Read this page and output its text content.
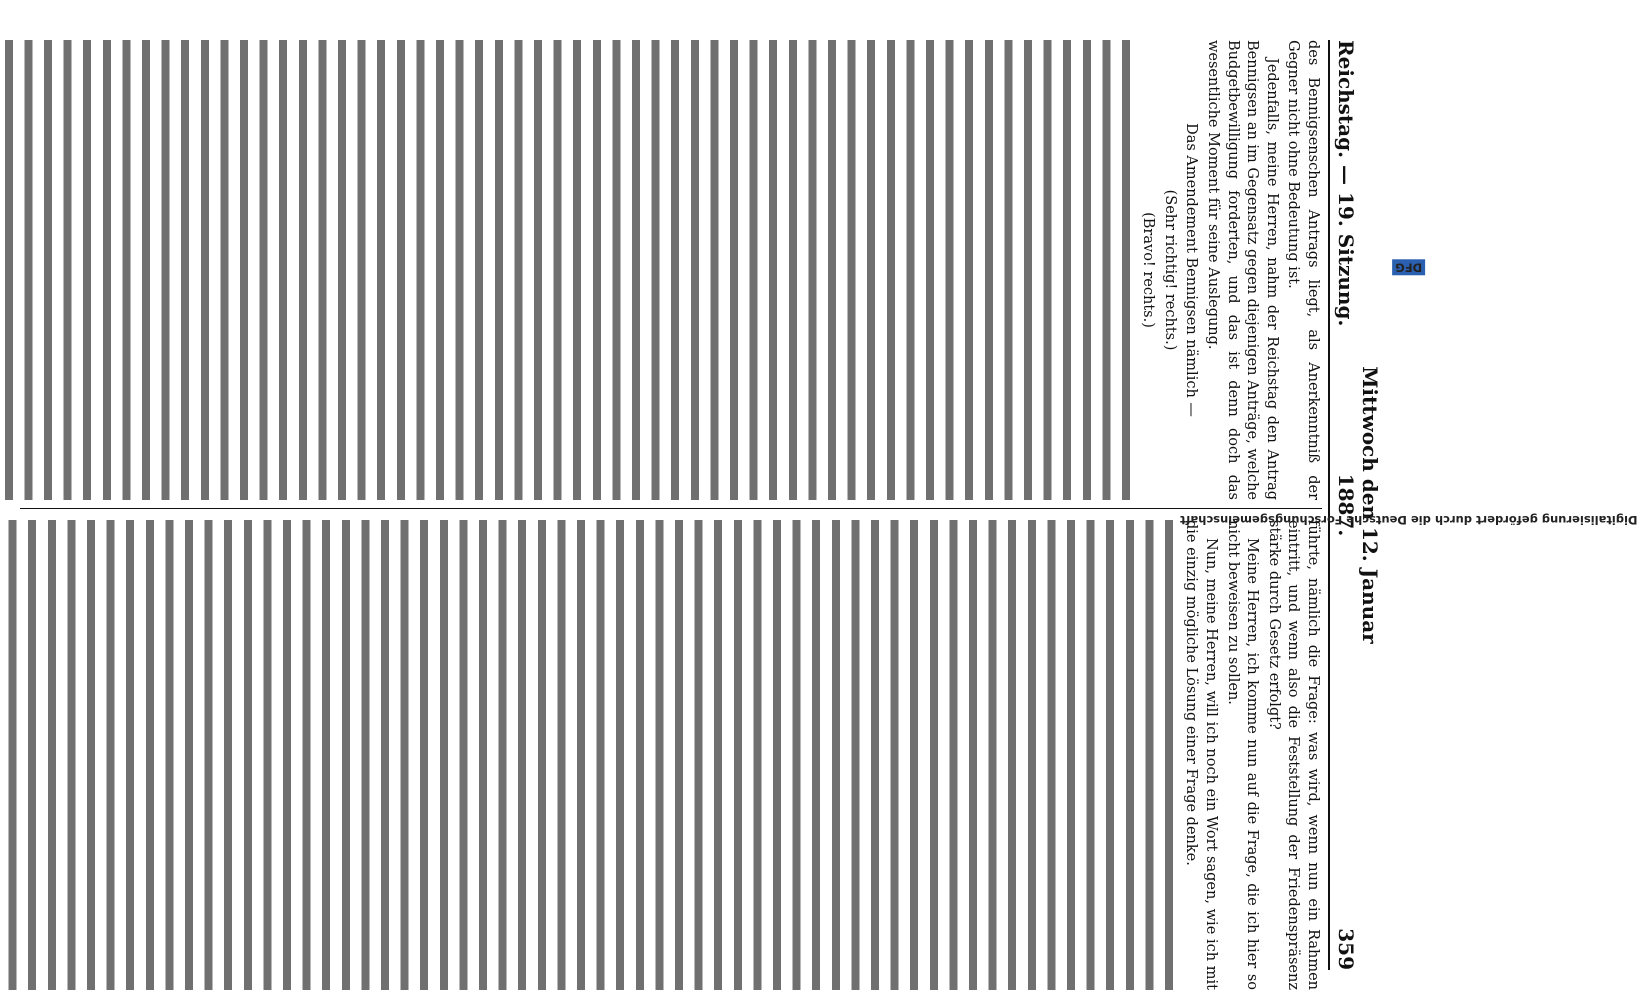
Reichstag. — 19. Sitzung.
Mittwoch den 12. Januar 1887.
359

des Bennigsenschen Antrags liegt, als Anerkenntniß der Gegner nicht ohne Bedeutung ist.

Jedenfalls, meine Herren, nahm der Reichstag den Antrag Bennigsen an im Gegensatz gegen diejenigen Anträge, welche Budgetbewilligung forderten, und das ist denn doch das wesentliche Moment für seine Auslegung.

Das Amendement Bennigsen nämlich —

(Sehr richtig! rechts.)

(Bravo! rechts.)

führte, nämlich die Frage: was wird, wenn nun ein Rahmen eintritt, und wenn also die Feststellung der Friedenspräsenz stärke durch Gesetz erfolgt?

Meine Herren, ich komme nun auf die Frage, die ich hier so nicht beweisen zu sollen.

Nun, meine Herren, will ich noch ein Wort sagen, wie ich mit die einzig mögliche Lösung einer Frage denke.

Digitalisierung gefördert durch die Deutsche Forschungsgemeinschaft DFG
